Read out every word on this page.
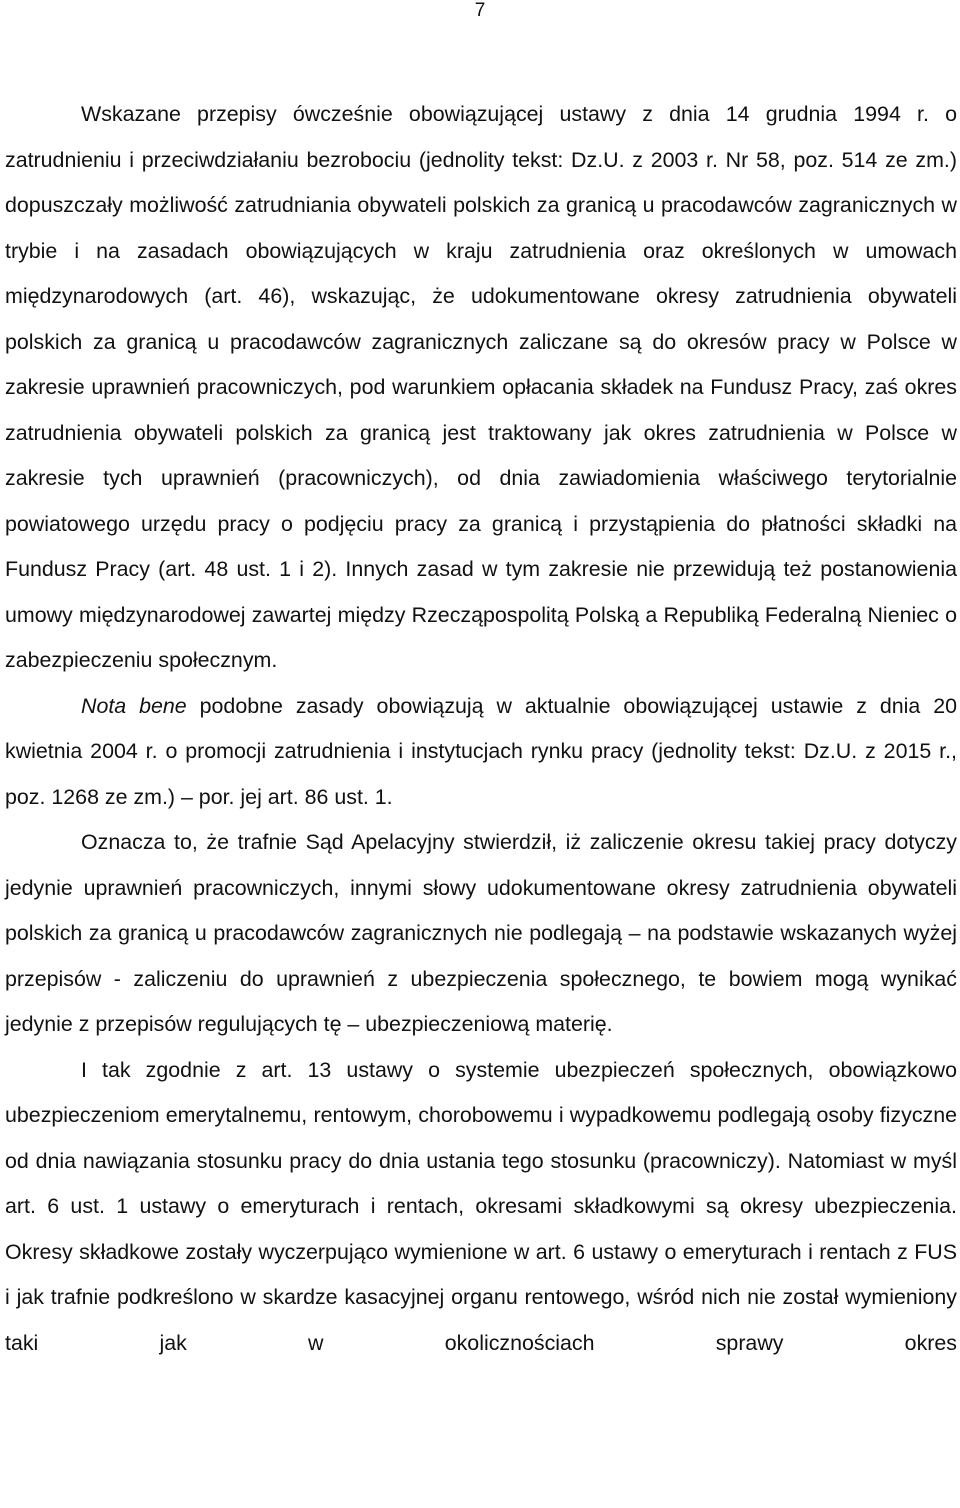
7

Wskazane przepisy ówcześnie obowiązującej ustawy z dnia 14 grudnia 1994 r. o zatrudnieniu i przeciwdziałaniu bezrobociu (jednolity tekst: Dz.U. z 2003 r. Nr 58, poz. 514 ze zm.) dopuszczały możliwość zatrudniania obywateli polskich za granicą u pracodawców zagranicznych w trybie i na zasadach obowiązujących w kraju zatrudnienia oraz określonych w umowach międzynarodowych (art. 46), wskazując, że udokumentowane okresy zatrudnienia obywateli polskich za granicą u pracodawców zagranicznych zaliczane są do okresów pracy w Polsce w zakresie uprawnień pracowniczych, pod warunkiem opłacania składek na Fundusz Pracy, zaś okres zatrudnienia obywateli polskich za granicą jest traktowany jak okres zatrudnienia w Polsce w zakresie tych uprawnień (pracowniczych), od dnia zawiadomienia właściwego terytorialnie powiatowego urzędu pracy o podjęciu pracy za granicą i przystąpienia do płatności składki na Fundusz Pracy (art. 48 ust. 1 i 2). Innych zasad w tym zakresie nie przewidują też postanowienia umowy międzynarodowej zawartej między Rzecząpospolitą Polską a Republiką Federalną Nieniec o zabezpieczeniu społecznym.

Nota bene podobne zasady obowiązują w aktualnie obowiązującej ustawie z dnia 20 kwietnia 2004 r. o promocji zatrudnienia i instytucjach rynku pracy (jednolity tekst: Dz.U. z 2015 r., poz. 1268 ze zm.) – por. jej art. 86 ust. 1.

Oznacza to, że trafnie Sąd Apelacyjny stwierdził, iż zaliczenie okresu takiej pracy dotyczy jedynie uprawnień pracowniczych, innymi słowy udokumentowane okresy zatrudnienia obywateli polskich za granicą u pracodawców zagranicznych nie podlegają – na podstawie wskazanych wyżej przepisów - zaliczeniu do uprawnień z ubezpieczenia społecznego, te bowiem mogą wynikać jedynie z przepisów regulujących tę – ubezpieczeniową materię.

I tak zgodnie z art. 13 ustawy o systemie ubezpieczeń społecznych, obowiązkowo ubezpieczeniom emerytalnemu, rentowym, chorobowemu i wypadkowemu podlegają osoby fizyczne od dnia nawiązania stosunku pracy do dnia ustania tego stosunku (pracowniczy). Natomiast w myśl art. 6 ust. 1 ustawy o emeryturach i rentach, okresami składkowymi są okresy ubezpieczenia. Okresy składkowe zostały wyczerpująco wymienione w art. 6 ustawy o emeryturach i rentach z FUS i jak trafnie podkreślono w skardze kasacyjnej organu rentowego, wśród nich nie został wymieniony taki jak w okolicznościach sprawy okres
